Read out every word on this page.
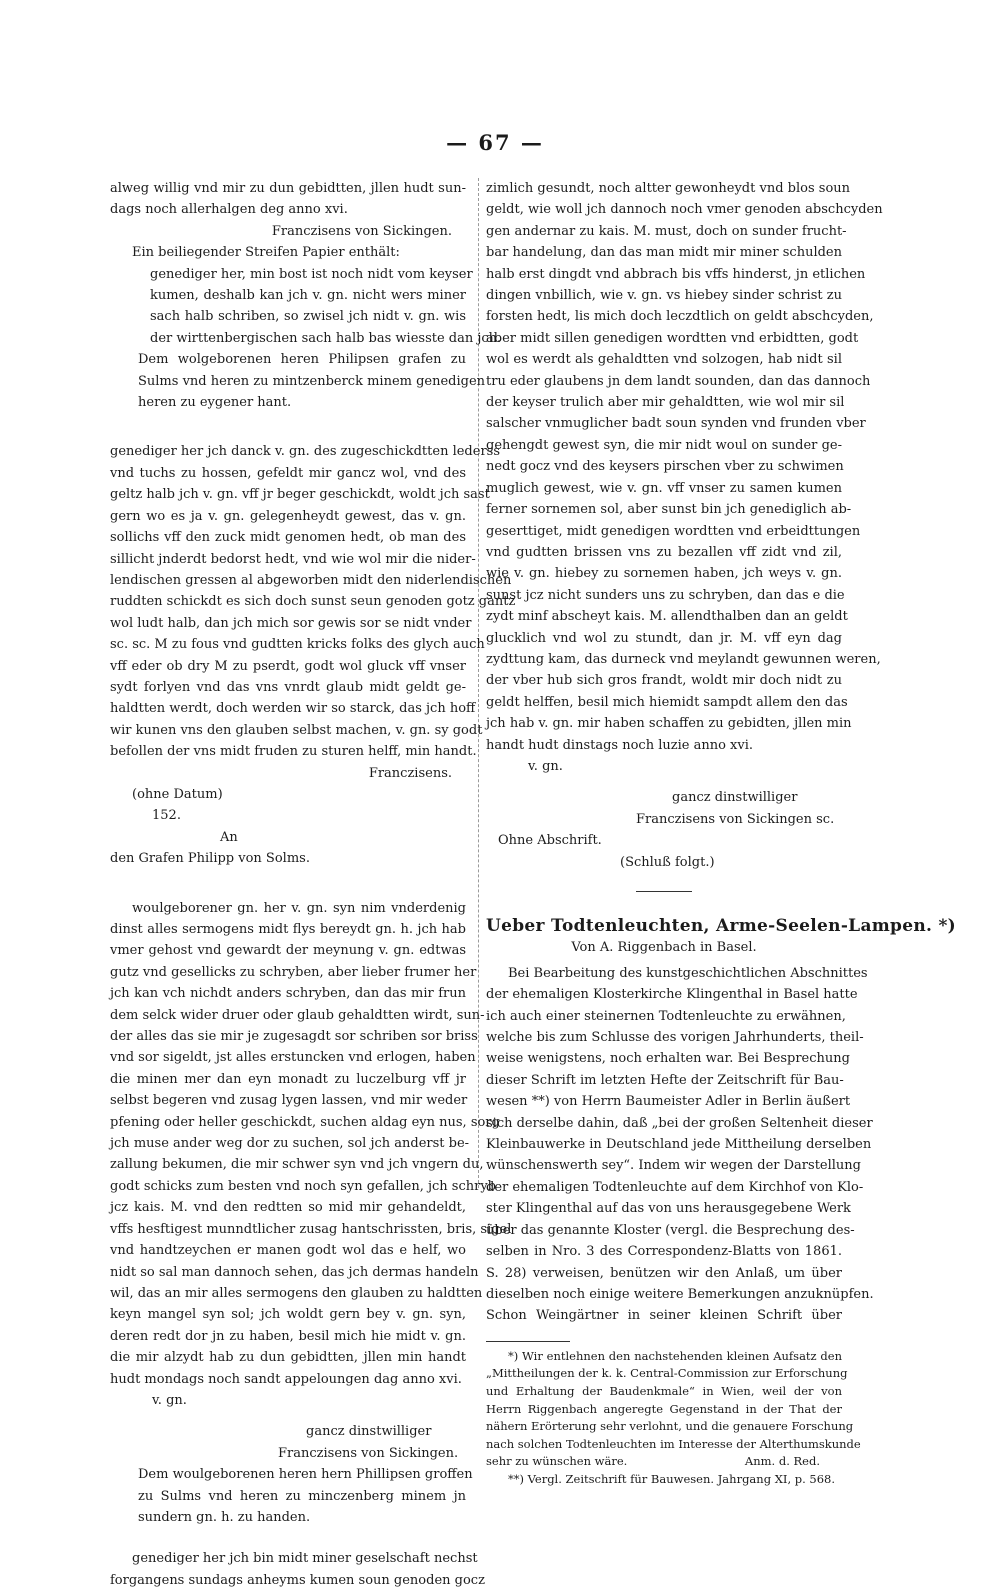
— 67 —
alweg willig vnd mir zu dun gebidtten, jllen hudt sun-
dags noch allerhalgen deg anno xvi.
Franczisens von Sickingen.
Ein beiliegender Streifen Papier enthält:
genediger her, min bost ist noch nidt vom keyser
kumen, deshalb kan jch v. gn. nicht wers miner
sach halb schriben, so zwisel jch nidt v. gn. wis
der wirttenbergischen sach halb bas wiesste dan jch.
Dem wolgeborenen heren Philipsen grafen zu
Sulms vnd heren zu mintzenberck minem genedigen
heren zu eygener hant.
genediger her jch danck v. gn. des zugeschickdtten lederss
vnd tuchs zu hossen, gefeldt mir gancz wol, vnd des
geltz halb jch v. gn. vff jr beger geschickdt, woldt jch sast
gern wo es ja v. gn. gelegenheydt gewest, das v. gn.
sollichs vff den zuck midt genomen hedt, ob man des
sillicht jnderdt bedorst hedt, vnd wie wol mir die nider-
lendischen gressen al abgeworben midt den niderlendischen
ruddten schickdt es sich doch sunst seun genoden gotz gantz
wol ludt halb, dan jch mich sor gewis sor se nidt vnder
sc. sc. M zu fous vnd gudtten kricks folks des glych auch
vff eder ob dry M zu pserdt, godt wol gluck vff vnser
sydt forlyen vnd das vns vnrdt glaub midt geldt ge-
haldtten werdt, doch werden wir so starck, das jch hoff
wir kunen vns den glauben selbst machen, v. gn. sy godt
befollen der vns midt fruden zu sturen helff, min handt.
Franczisens.
(ohne Datum)
152.
An
den Grafen Philipp von Solms.
woulgeborener gn. her v. gn. syn nim vnderdenig
dinst alles sermogens midt flys bereydt gn. h. jch hab
vmer gehost vnd gewardt der meynung v. gn. edtwas
gutz vnd gesellicks zu schryben, aber lieber frumer her
jch kan vch nichdt anders schryben, dan das mir frun
dem selck wider druer oder glaub gehaldtten wirdt, sun-
der alles das sie mir je zugesagdt sor schriben sor briss
vnd sor sigeldt, jst alles erstuncken vnd erlogen, haben
die minen mer dan eyn monadt zu luczelburg vff jr
selbst begeren vnd zusag lygen lassen, vnd mir weder
pfening oder heller geschickdt, suchen aldag eyn nus, sorg
jch muse ander weg dor zu suchen, sol jch anderst be-
zallung bekumen, die mir schwer syn vnd jch vngern du,
godt schicks zum besten vnd noch syn gefallen, jch schryb
jcz kais. M. vnd den redtten so mid mir gehandeldt,
vffs hesftigest munndtlicher zusag hantschrissten, bris, sigel
vnd handtzeychen er manen godt wol das e helf, wo
nidt so sal man dannoch sehen, das jch dermas handeln
wil, das an mir alles sermogens den glauben zu haldtten
keyn mangel syn sol; jch woldt gern bey v. gn. syn,
deren redt dor jn zu haben, besil mich hie midt v. gn.
die mir alzydt hab zu dun gebidtten, jllen min handt
hudt mondags noch sandt appeloungen dag anno xvi.
v. gn.
gancz dinstwilliger
Franczisens von Sickingen.
Dem woulgeborenen heren hern Phillipsen groffen
zu Sulms vnd heren zu minczenberg minem jn
sundern gn. h. zu handen.
genediger her jch bin midt miner geselschaft nechst
forgangens sundags anheyms kumen soun genoden gocz
zimlich gesundt, noch altter gewonheydt vnd blos soun
geldt, wie woll jch dannoch noch vmer genoden abschcyden
gen andernar zu kais. M. must, doch on sunder frucht-
bar handelung, dan das man midt mir miner schulden
halb erst dingdt vnd abbrach bis vffs hinderst, jn etlichen
dingen vnbillich, wie v. gn. vs hiebey sinder schrist zu
forsten hedt, lis mich doch leczdtlich on geldt abschcyden,
aber midt sillen genedigen wordtten vnd erbidtten, godt
wol es werdt als gehaldtten vnd solzogen, hab nidt sil
tru eder glaubens jn dem landt sounden, dan das dannoch
der keyser trulich aber mir gehaldtten, wie wol mir sil
salscher vnmuglicher badt soun synden vnd frunden vber
gehengdt gewest syn, die mir nidt woul on sunder ge-
nedt gocz vnd des keysers pirschen vber zu schwimen
muglich gewest, wie v. gn. vff vnser zu samen kumen
ferner sornemen sol, aber sunst bin jch genediglich ab-
geserttiget, midt genedigen wordtten vnd erbeidttungen
vnd gudtten brissen vns zu bezallen vff zidt vnd zil,
wie v. gn. hiebey zu sornemen haben, jch weys v. gn.
sunst jcz nicht sunders uns zu schryben, dan das e die
zydt minf abscheyt kais. M. allendthalben dan an geldt
glucklich vnd wol zu stundt, dan jr. M. vff eyn dag
zydttung kam, das durneck vnd meylandt gewunnen weren,
der vber hub sich gros frandt, woldt mir doch nidt zu
geldt helffen, besil mich hiemidt sampdt allem den das
jch hab v. gn. mir haben schaffen zu gebidten, jllen min
handt hudt dinstags noch luzie anno xvi.
v. gn.
gancz dinstwilliger
Franczisens von Sickingen sc.
Ohne Abschrift.
(Schluß folgt.)
Ueber Todtenleuchten, Arme-Seelen-Lampen. *)
Von A. Riggenbach in Basel.
Bei Bearbeitung des kunstgeschichtlichen Abschnittes
der ehemaligen Klosterkirche Klingenthal in Basel hatte
ich auch einer steinernen Todtenleuchte zu erwähnen,
welche bis zum Schlusse des vorigen Jahrhunderts, theil-
weise wenigstens, noch erhalten war. Bei Besprechung
dieser Schrift im letzten Hefte der Zeitschrift für Bau-
wesen **) von Herrn Baumeister Adler in Berlin äußert
sich derselbe dahin, daß „bei der großen Seltenheit dieser
Kleinbauwerke in Deutschland jede Mittheilung derselben
wünschenswerth sey“. Indem wir wegen der Darstellung
der ehemaligen Todtenleuchte auf dem Kirchhof von Klo-
ster Klingenthal auf das von uns herausgegebene Werk
über das genannte Kloster (vergl. die Besprechung des-
selben in Nro. 3 des Correspondenz-Blatts von 1861.
S. 28) verweisen, benützen wir den Anlaß, um über
dieselben noch einige weitere Bemerkungen anzuknüpfen.
Schon Weingärtner in seiner kleinen Schrift über
*) Wir entlehnen den nachstehenden kleinen Aufsatz den
„Mittheilungen der k. k. Central-Commission zur Erforschung
und Erhaltung der Baudenkmale“ in Wien, weil der von
Herrn Riggenbach angeregte Gegenstand in der That der
nähern Erörterung sehr verlohnt, und die genauere Forschung
nach solchen Todtenleuchten im Interesse der Alterthumskunde
sehr zu wünschen wäre.	Anm. d. Red.
**) Vergl. Zeitschrift für Bauwesen. Jahrgang XI, p. 568.
